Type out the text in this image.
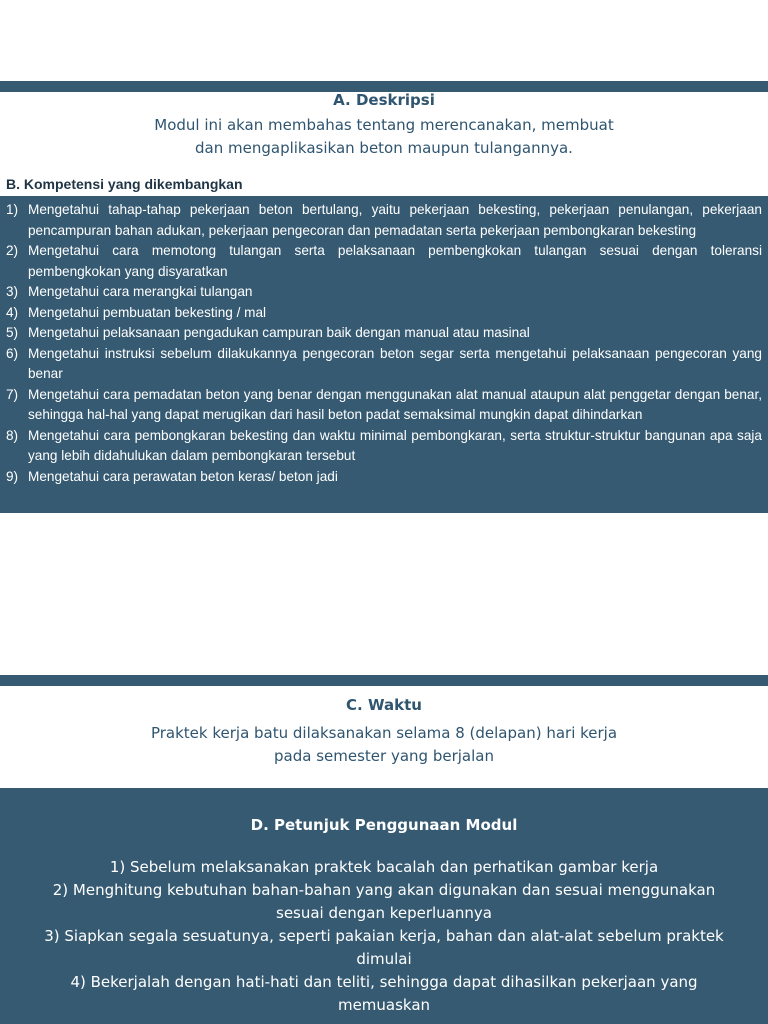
A. Deskripsi
Modul ini akan membahas tentang merencanakan, membuat
dan mengaplikasikan beton maupun tulangannya.
B. Kompetensi yang dikembangkan
1) Mengetahui tahap-tahap pekerjaan beton bertulang, yaitu pekerjaan bekesting, pekerjaan penulangan, pekerjaan pencampuran bahan adukan, pekerjaan pengecoran dan pemadatan serta pekerjaan pembongkaran bekesting
2) Mengetahui cara memotong tulangan serta pelaksanaan pembengkokan tulangan sesuai dengan toleransi pembengkokan yang disyaratkan
3) Mengetahui cara merangkai tulangan
4) Mengetahui pembuatan bekesting / mal
5) Mengetahui pelaksanaan pengadukan campuran baik dengan manual atau masinal
6) Mengetahui instruksi sebelum dilakukannya pengecoran beton segar serta mengetahui pelaksanaan pengecoran yang benar
7) Mengetahui cara pemadatan beton yang benar dengan menggunakan alat manual ataupun alat penggetar dengan benar, sehingga hal-hal yang dapat merugikan dari hasil beton padat semaksimal mungkin dapat dihindarkan
8) Mengetahui cara pembongkaran bekesting dan waktu minimal pembongkaran, serta struktur-struktur bangunan apa saja yang lebih didahulukan dalam pembongkaran tersebut
9) Mengetahui cara perawatan beton keras/ beton jadi
C. Waktu
Praktek kerja batu dilaksanakan selama 8 (delapan) hari kerja
pada semester yang berjalan
D. Petunjuk Penggunaan Modul
1) Sebelum melaksanakan praktek bacalah dan perhatikan gambar kerja
2) Menghitung kebutuhan bahan-bahan yang akan digunakan dan sesuai menggunakan sesuai dengan keperluannya
3) Siapkan segala sesuatunya, seperti pakaian kerja, bahan dan alat-alat sebelum praktek dimulai
4) Bekerjalah dengan hati-hati dan teliti, sehingga dapat dihasilkan pekerjaan yang memuaskan
